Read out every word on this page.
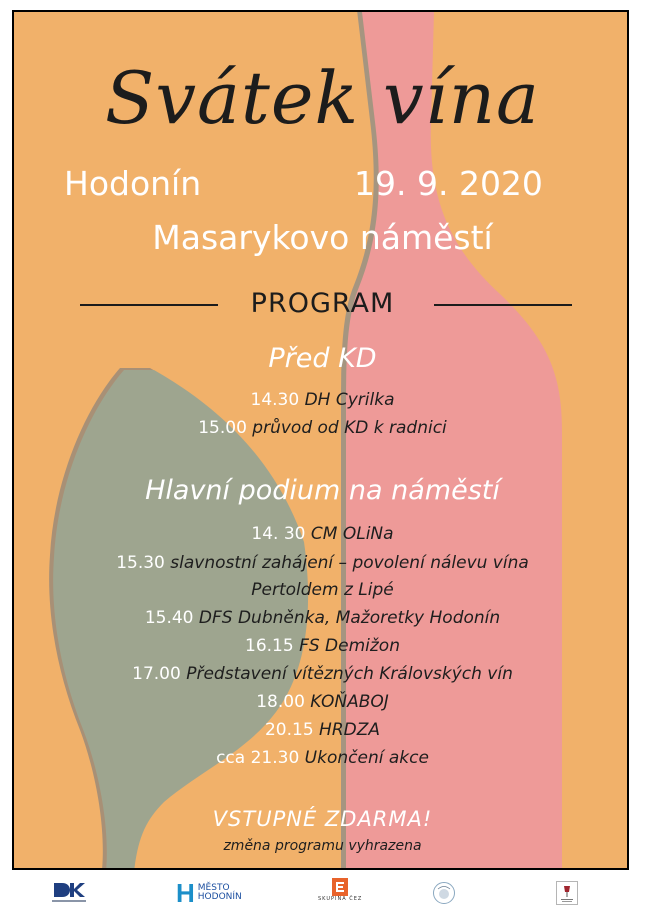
Svátek vína

Hodonín	19. 9. 2020

Masarykovo náměstí

PROGRAM

Před KD

14.30 DH Cyrilka

15.00 průvod od KD k radnici

Hlavní podium na náměstí

14. 30 CM OLiNa

15.30 slavnostní zahájení – povolení nálevu vína

Pertoldem z Lipé

15.40 DFS Dubněnka, Mažoretky Hodonín

16.15 FS Demižon

17.00 Představení vítězných Královských vín

18.00 KOŇABOJ

20.15 HRDZA

cca 21.30 Ukončení akce

VSTUPNÉ ZDARMA!

změna programu vyhrazena

H MĚSTO
HODONÍN	SKUPINA ČEZ
